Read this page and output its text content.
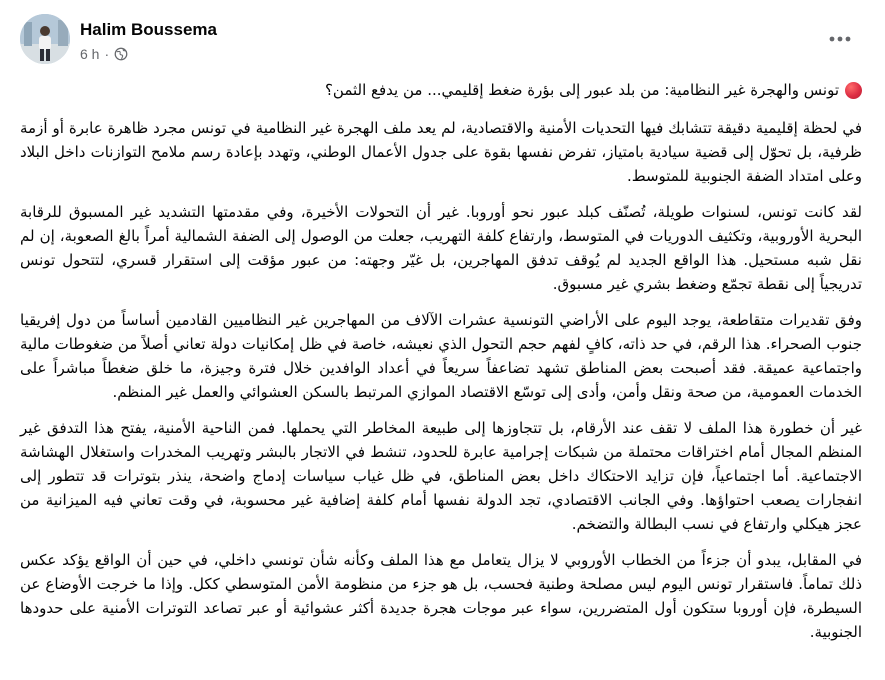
Halim Boussema
6 h ·
تونس والهجرة غير النظامية: من بلد عبور إلى بؤرة ضغط إقليمي... من يدفع الثمن؟

في لحظة إقليمية دقيقة تتشابك فيها التحديات الأمنية والاقتصادية، لم يعد ملف الهجرة غير النظامية في تونس مجرد ظاهرة عابرة أو أزمة ظرفية، بل تحوّل إلى قضية سيادية بامتياز، تفرض نفسها بقوة على جدول الأعمال الوطني، وتهدد بإعادة رسم ملامح التوازنات داخل البلاد وعلى امتداد الضفة الجنوبية للمتوسط.

لقد كانت تونس، لسنوات طويلة، تُصنّف كبلد عبور نحو أوروبا. غير أن التحولات الأخيرة، وفي مقدمتها التشديد غير المسبوق للرقابة البحرية الأوروبية، وتكثيف الدوريات في المتوسط، وارتفاع كلفة التهريب، جعلت من الوصول إلى الضفة الشمالية أمراً بالغ الصعوبة، إن لم نقل شبه مستحيل. هذا الواقع الجديد لم يُوقف تدفق المهاجرين، بل غيّر وجهته: من عبور مؤقت إلى استقرار قسري، لتتحول تونس تدريجياً إلى نقطة تجمّع وضغط بشري غير مسبوق.

وفق تقديرات متقاطعة، يوجد اليوم على الأراضي التونسية عشرات الآلاف من المهاجرين غير النظاميين القادمين أساساً من دول إفريقيا جنوب الصحراء. هذا الرقم، في حد ذاته، كافٍ لفهم حجم التحول الذي نعيشه، خاصة في ظل إمكانيات دولة تعاني أصلاً من ضغوطات مالية واجتماعية عميقة. فقد أصبحت بعض المناطق تشهد تضاعفاً سريعاً في أعداد الوافدين خلال فترة وجيزة، ما خلق ضغطاً مباشراً على الخدمات العمومية، من صحة ونقل وأمن، وأدى إلى توسّع الاقتصاد الموازي المرتبط بالسكن العشوائي والعمل غير المنظم.

غير أن خطورة هذا الملف لا تقف عند الأرقام، بل تتجاوزها إلى طبيعة المخاطر التي يحملها. فمن الناحية الأمنية، يفتح هذا التدفق غير المنظم المجال أمام اختراقات محتملة من شبكات إجرامية عابرة للحدود، تنشط في الاتجار بالبشر وتهريب المخدرات واستغلال الهشاشة الاجتماعية. أما اجتماعياً، فإن تزايد الاحتكاك داخل بعض المناطق، في ظل غياب سياسات إدماج واضحة، ينذر بتوترات قد تتطور إلى انفجارات يصعب احتواؤها. وفي الجانب الاقتصادي، تجد الدولة نفسها أمام كلفة إضافية غير محسوبة، في وقت تعاني فيه الميزانية من عجز هيكلي وارتفاع في نسب البطالة والتضخم.

في المقابل، يبدو أن جزءاً من الخطاب الأوروبي لا يزال يتعامل مع هذا الملف وكأنه شأن تونسي داخلي، في حين أن الواقع يؤكد عكس ذلك تماماً. فاستقرار تونس اليوم ليس مصلحة وطنية فحسب، بل هو جزء من منظومة الأمن المتوسطي ككل. وإذا ما خرجت الأوضاع عن السيطرة، فإن أوروبا ستكون أول المتضررين، سواء عبر موجات هجرة جديدة أكثر عشوائية أو عبر تصاعد التوترات الأمنية على حدودها الجنوبية.
